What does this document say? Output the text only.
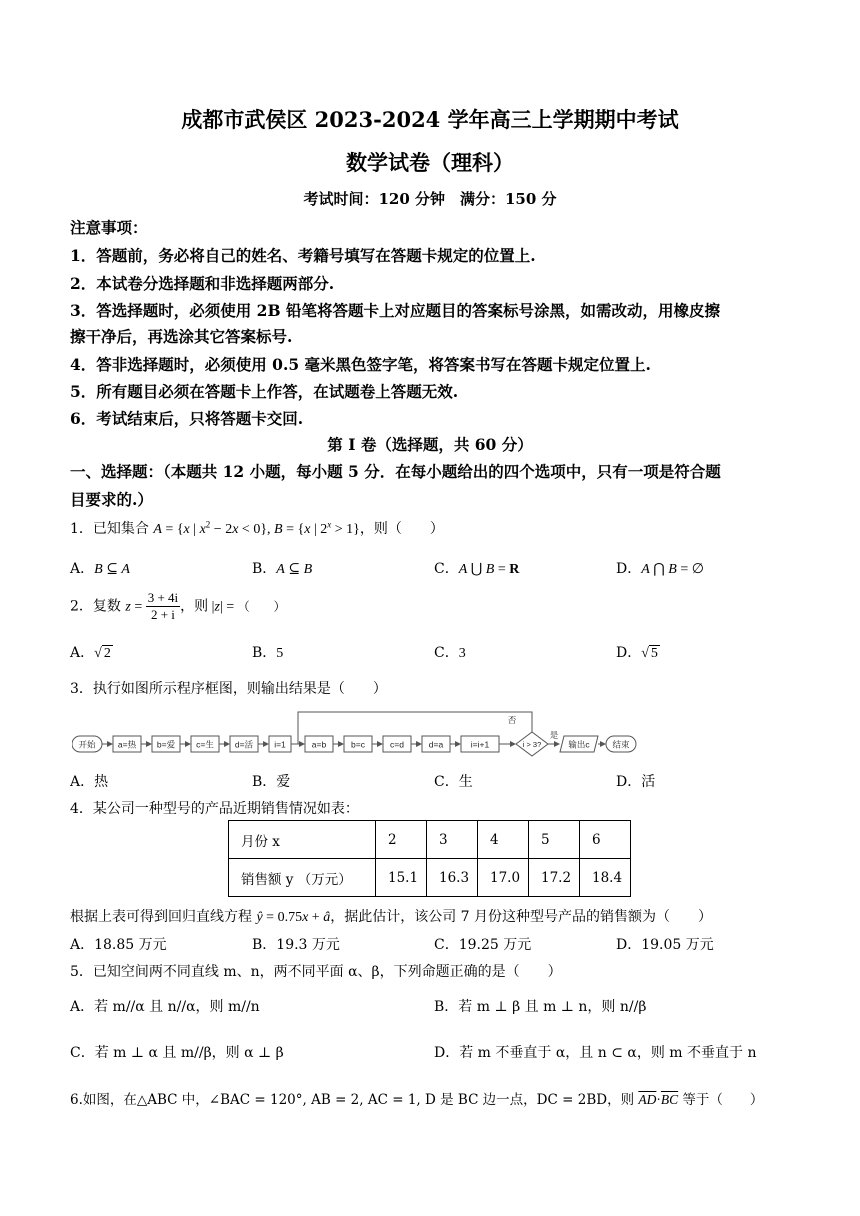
成都市武侯区 2023-2024 学年高三上学期期中考试
数学试卷（理科）
考试时间：120 分钟　满分：150 分
注意事项：
1．答题前，务必将自己的姓名、考籍号填写在答题卡规定的位置上.
2．本试卷分选择题和非选择题两部分.
3．答选择题时，必须使用 2B 铅笔将答题卡上对应题目的答案标号涂黑，如需改动，用橡皮擦
擦干净后，再选涂其它答案标号.
4．答非选择题时，必须使用 0.5 毫米黑色签字笔，将答案书写在答题卡规定位置上.
5．所有题目必须在答题卡上作答，在试题卷上答题无效.
6．考试结束后，只将答题卡交回.
第 I 卷（选择题，共 60 分）
一、选择题：（本题共 12 小题，每小题 5 分．在每小题给出的四个选项中，只有一项是符合题
目要求的.）
1．已知集合 A = {x | $x^2 - 2x < 0$}, B = {x | $2^x > 1$}，则（　　）
A．B ⊆ A	B．A ⊆ B	C．A ⋃ B = R	D．A ⋂ B = ∅
2．复数 $z = \frac{3 + 4i}{2 + i}$ ，则 |z| = （　　）
A．√ 2	B．5	C．3	D．√ 5
3．执行如图所示程序框图，则输出结果是（　　）
开始	a=热 b=爱 c=生 d=活 i=1	a=b	b=c	c=d	d=a	i=i+1	i > 3?
否
是
输出c	结束
A．热	B．爱	C．生	D．活
4．某公司一种型号的产品近期销售情况如表：
月份 x	2	3	4	5	6
销售额 y （万元）	15.1	16.3	17.0	17.2	18.4
根据上表可得到回归直线方程 ŷ = 0.75x + â，据此估计，该公司 7 月份这种型号产品的销售额为（　　）
A．18.85 万元	B．19.3 万元	C．19.25 万元	D．19.05 万元
5．已知空间两不同直线 m、n，两不同平面 α、β，下列命题正确的是（　　）
A．若 m//α 且 n//α，则 m//n	B．若 m ⊥ β 且 m ⊥ n，则 n//β
C．若 m ⊥ α 且 m//β，则 α ⊥ β	D．若 m 不垂直于 α，且 n ⊂ α，则 m 不垂直于 n
6.如图，在△ABC 中，∠BAC = 120°, AB = 2, AC = 1, D 是 BC 边一点，DC = 2BD，则 $\overline{AD}\cdot\overline{BC}$ 等于（　　）
